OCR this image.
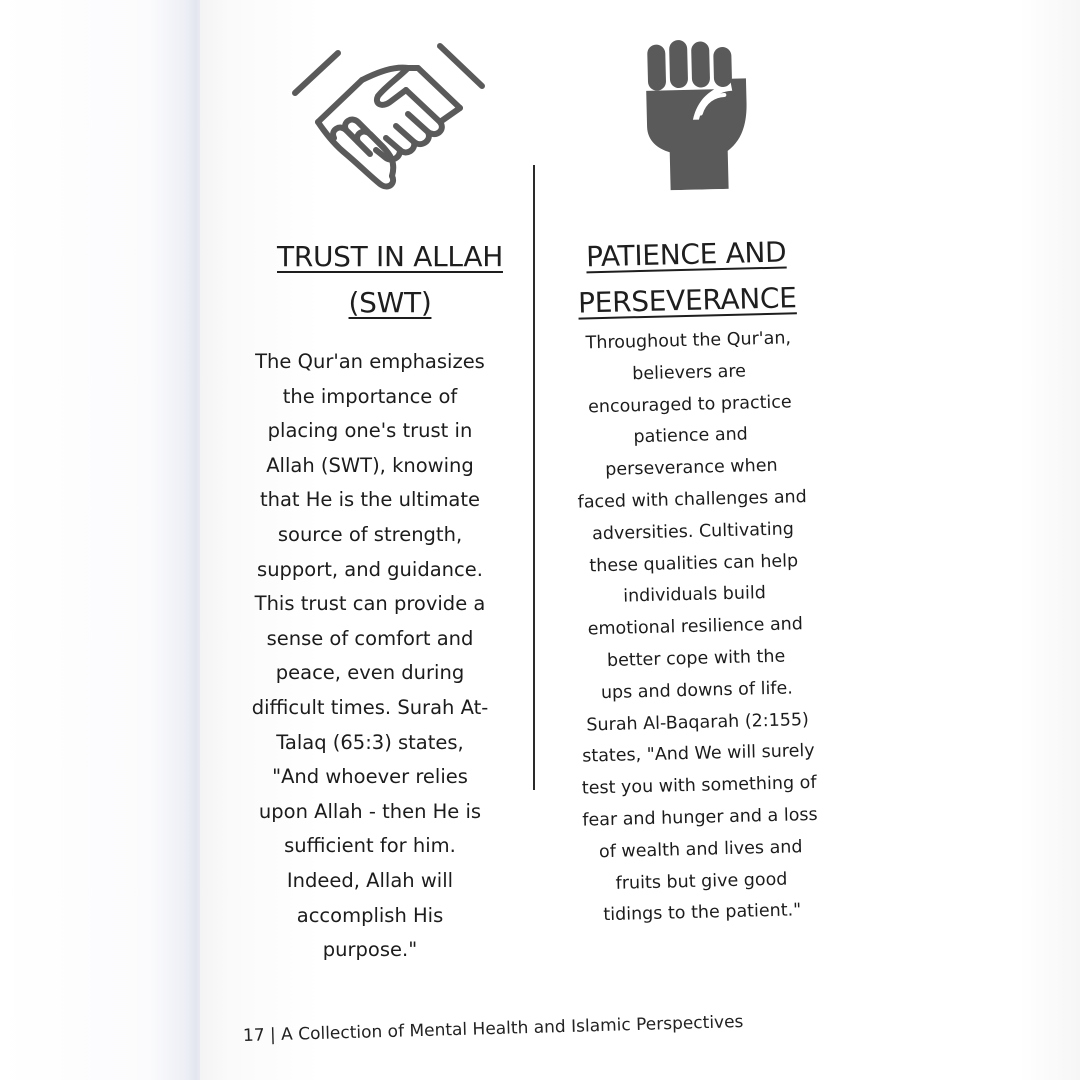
TRUST IN ALLAH
(SWT)
The Qur'an emphasizes
the importance of
placing one's trust in
Allah (SWT), knowing
that He is the ultimate
source of strength,
support, and guidance.
This trust can provide a
sense of comfort and
peace, even during
difficult times. Surah At-
Talaq (65:3) states,
"And whoever relies
upon Allah - then He is
sufficient for him.
Indeed, Allah will
accomplish His
purpose."
PATIENCE AND
PERSEVERANCE
Throughout the Qur'an,
believers are
encouraged to practice
patience and
perseverance when
faced with challenges and
adversities. Cultivating
these qualities can help
individuals build
emotional resilience and
better cope with the
ups and downs of life.
Surah Al-Baqarah (2:155)
states, "And We will surely
test you with something of
fear and hunger and a loss
of wealth and lives and
fruits but give good
tidings to the patient."
17 | A Collection of Mental Health and Islamic Perspectives
